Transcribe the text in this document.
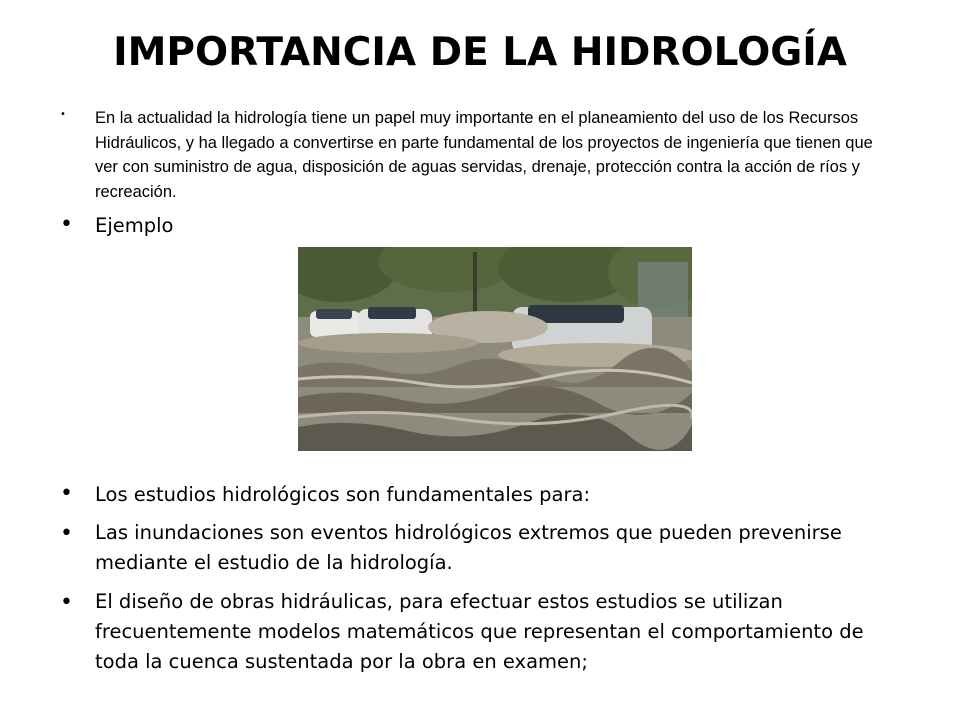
IMPORTANCIA DE LA HIDROLOGÍA
• En la actualidad la hidrología tiene un papel muy importante en el planeamiento del uso de los Recursos Hidráulicos, y ha llegado a convertirse en parte fundamental de los proyectos de ingeniería que tienen que ver con suministro de agua, disposición de aguas servidas, drenaje, protección contra la acción de ríos y recreación.
• Ejemplo
• Los estudios hidrológicos son fundamentales para:
• Las inundaciones son eventos hidrológicos extremos que pueden prevenirse mediante el estudio de la hidrología.
• El diseño de obras hidráulicas, para efectuar estos estudios se utilizan frecuentemente modelos matemáticos que representan el comportamiento de toda la cuenca sustentada por la obra en examen;
